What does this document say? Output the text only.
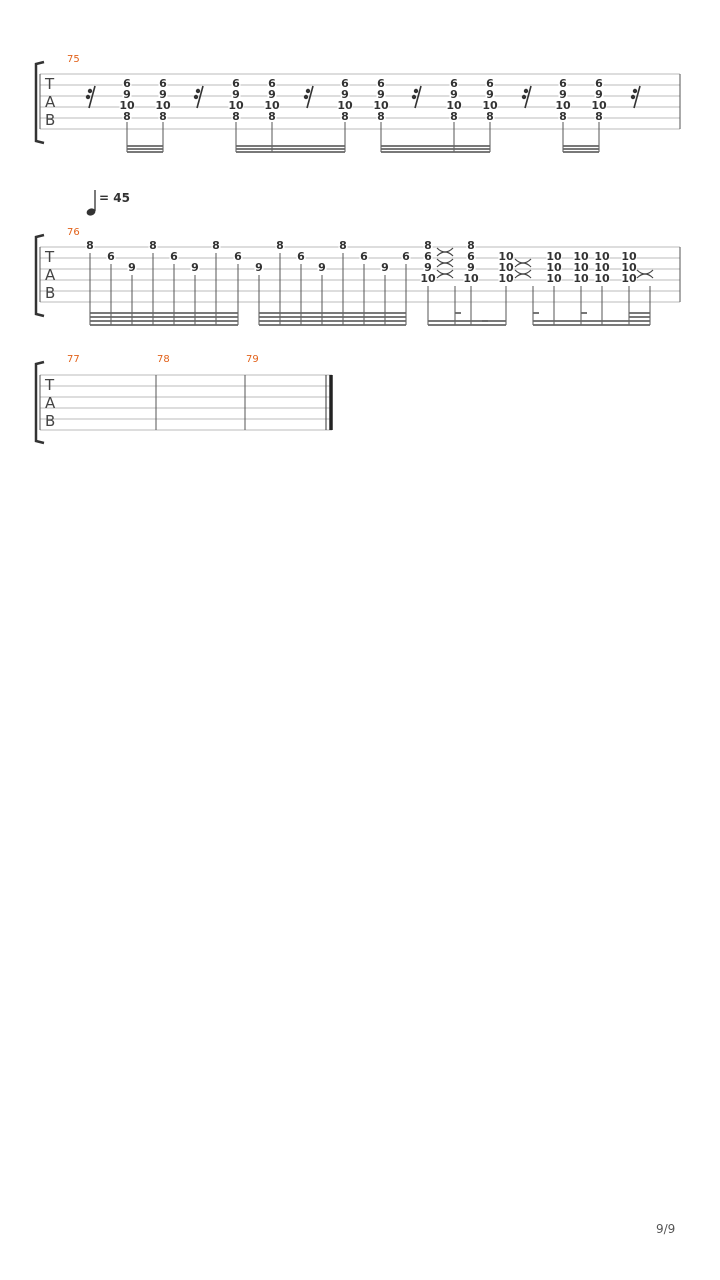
T
A
B
75
6
9
10
8
6
9
10
8
6
9
10
8
6
9
10
8
6
9
10
8
6
9
10
8
6
9
10
8
6
9
10
8
6
9
10
8
6
9
10
8
= 45
T
A
B
76
8
6
9
8
6
9
8
6
9
8
6
9
8
6
9
6
8
6
9
10
8
6
9
10
10
10
10
10
10
10
10
10
10
10
10
10
10
10
10
T
A
B
77	78	79
9/9
